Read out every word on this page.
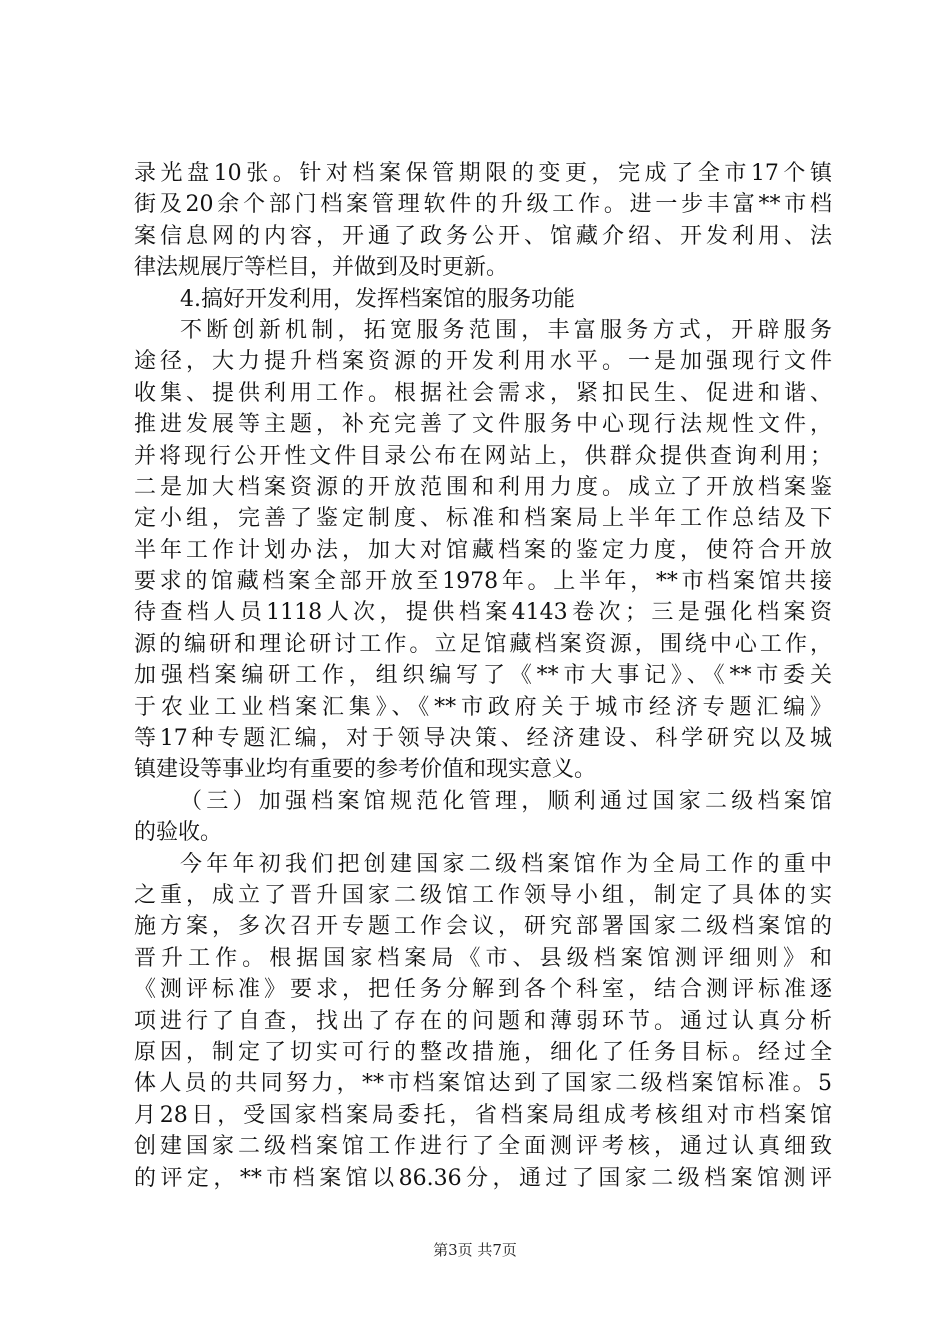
录光盘10张。针对档案保管期限的变更，完成了全市17个镇
街及20余个部门档案管理软件的升级工作。进一步丰富**市档
案信息网的内容，开通了政务公开、馆藏介绍、开发利用、法
律法规展厅等栏目，并做到及时更新。
4.搞好开发利用，发挥档案馆的服务功能
不断创新机制，拓宽服务范围，丰富服务方式，开辟服务
途径，大力提升档案资源的开发利用水平。一是加强现行文件
收集、提供利用工作。根据社会需求，紧扣民生、促进和谐、
推进发展等主题，补充完善了文件服务中心现行法规性文件，
并将现行公开性文件目录公布在网站上，供群众提供查询利用；
二是加大档案资源的开放范围和利用力度。成立了开放档案鉴
定小组，完善了鉴定制度、标准和档案局上半年工作总结及下
半年工作计划办法，加大对馆藏档案的鉴定力度，使符合开放
要求的馆藏档案全部开放至1978年。上半年，**市档案馆共接
待查档人员1118人次，提供档案4143卷次；三是强化档案资
源的编研和理论研讨工作。立足馆藏档案资源，围绕中心工作，
加强档案编研工作，组织编写了《**市大事记》、《**市委关
于农业工业档案汇集》、《**市政府关于城市经济专题汇编》
等17种专题汇编，对于领导决策、经济建设、科学研究以及城
镇建设等事业均有重要的参考价值和现实意义。
（三）加强档案馆规范化管理，顺利通过国家二级档案馆
的验收。
今年年初我们把创建国家二级档案馆作为全局工作的重中
之重，成立了晋升国家二级馆工作领导小组，制定了具体的实
施方案，多次召开专题工作会议，研究部署国家二级档案馆的
晋升工作。根据国家档案局《市、县级档案馆测评细则》和
《测评标准》要求，把任务分解到各个科室，结合测评标准逐
项进行了自查，找出了存在的问题和薄弱环节。通过认真分析
原因，制定了切实可行的整改措施，细化了任务目标。经过全
体人员的共同努力，**市档案馆达到了国家二级档案馆标准。5
月28日，受国家档案局委托，省档案局组成考核组对市档案馆
创建国家二级档案馆工作进行了全面测评考核，通过认真细致
的评定，**市档案馆以86.36分，通过了国家二级档案馆测评
第3页 共7页
